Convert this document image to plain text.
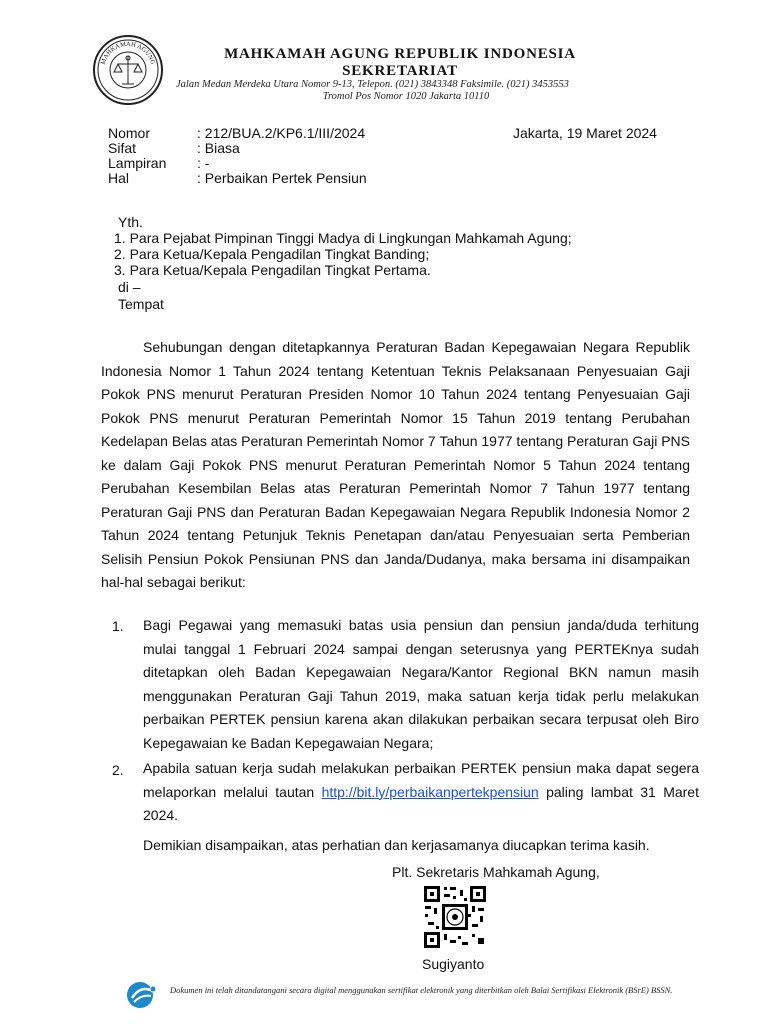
MAHKAMAH AGUNG
MAHKAMAH AGUNG REPUBLIK INDONESIA
SEKRETARIAT
Jalan Medan Merdeka Utara Nomor 9-13, Telepon. (021) 3843348 Faksimile. (021) 3453553
Tromol Pos Nomor 1020 Jakarta 10110
Nomor	: 212/BUA.2/KP6.1/III/2024	Jakarta, 19 Maret 2024
Sifat	: Biasa
Lampiran : -
Hal	: Perbaikan Pertek Pensiun
Yth.
1. Para Pejabat Pimpinan Tinggi Madya di Lingkungan Mahkamah Agung;
2. Para Ketua/Kepala Pengadilan Tingkat Banding;
3. Para Ketua/Kepala Pengadilan Tingkat Pertama.
di –
Tempat
Sehubungan dengan ditetapkannya Peraturan Badan Kepegawaian Negara Republik Indonesia Nomor 1 Tahun 2024 tentang Ketentuan Teknis Pelaksanaan Penyesuaian Gaji Pokok PNS menurut Peraturan Presiden Nomor 10 Tahun 2024 tentang Penyesuaian Gaji Pokok PNS menurut Peraturan Pemerintah Nomor 15 Tahun 2019 tentang Perubahan Kedelapan Belas atas Peraturan Pemerintah Nomor 7 Tahun 1977 tentang Peraturan Gaji PNS ke dalam Gaji Pokok PNS menurut Peraturan Pemerintah Nomor 5 Tahun 2024 tentang Perubahan Kesembilan Belas atas Peraturan Pemerintah Nomor 7 Tahun 1977 tentang Peraturan Gaji PNS dan Peraturan Badan Kepegawaian Negara Republik Indonesia Nomor 2 Tahun 2024 tentang Petunjuk Teknis Penetapan dan/atau Penyesuaian serta Pemberian Selisih Pensiun Pokok Pensiunan PNS dan Janda/Dudanya, maka bersama ini disampaikan hal-hal sebagai berikut:
1. Bagi Pegawai yang memasuki batas usia pensiun dan pensiun janda/duda terhitung mulai tanggal 1 Februari 2024 sampai dengan seterusnya yang PERTEKnya sudah ditetapkan oleh Badan Kepegawaian Negara/Kantor Regional BKN namun masih menggunakan Peraturan Gaji Tahun 2019, maka satuan kerja tidak perlu melakukan perbaikan PERTEK pensiun karena akan dilakukan perbaikan secara terpusat oleh Biro Kepegawaian ke Badan Kepegawaian Negara;
2. Apabila satuan kerja sudah melakukan perbaikan PERTEK pensiun maka dapat segera melaporkan melalui tautan http://bit.ly/perbaikanpertekpensiun paling lambat 31 Maret 2024.
Demikian disampaikan, atas perhatian dan kerjasamanya diucapkan terima kasih.
Plt. Sekretaris Mahkamah Agung,
Sugiyanto
Dokumen ini telah ditandatangani secara digital menggunakan sertifikat elektronik yang diterbitkan oleh Balai Sertifikasi Elektronik (BSrE) BSSN.
